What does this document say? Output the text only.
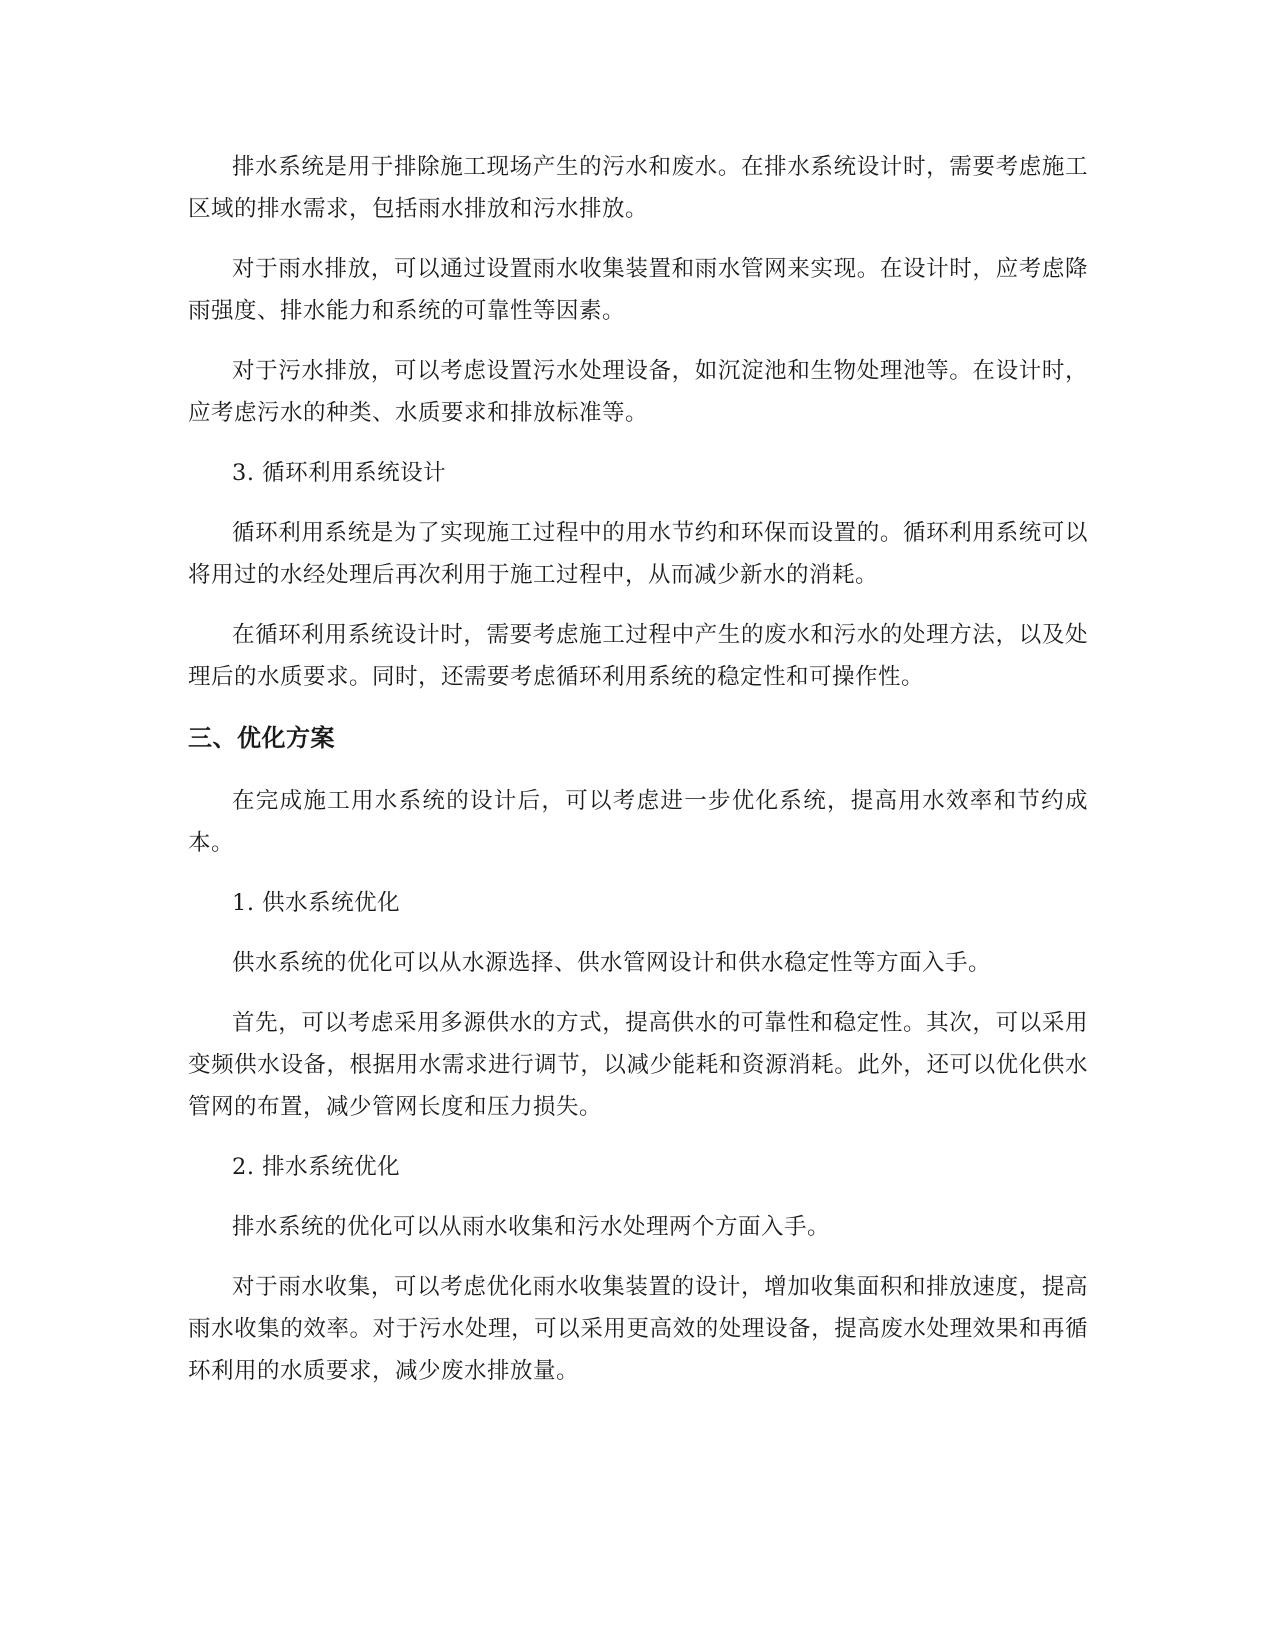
排水系统是用于排除施工现场产生的污水和废水。在排水系统设计时，需要考虑施工区域的排水需求，包括雨水排放和污水排放。

对于雨水排放，可以通过设置雨水收集装置和雨水管网来实现。在设计时，应考虑降雨强度、排水能力和系统的可靠性等因素。

对于污水排放，可以考虑设置污水处理设备，如沉淀池和生物处理池等。在设计时，应考虑污水的种类、水质要求和排放标准等。

3. 循环利用系统设计

循环利用系统是为了实现施工过程中的用水节约和环保而设置的。循环利用系统可以将用过的水经处理后再次利用于施工过程中，从而减少新水的消耗。

在循环利用系统设计时，需要考虑施工过程中产生的废水和污水的处理方法，以及处理后的水质要求。同时，还需要考虑循环利用系统的稳定性和可操作性。

三、优化方案

在完成施工用水系统的设计后，可以考虑进一步优化系统，提高用水效率和节约成本。

1. 供水系统优化

供水系统的优化可以从水源选择、供水管网设计和供水稳定性等方面入手。

首先，可以考虑采用多源供水的方式，提高供水的可靠性和稳定性。其次，可以采用变频供水设备，根据用水需求进行调节，以减少能耗和资源消耗。此外，还可以优化供水管网的布置，减少管网长度和压力损失。

2. 排水系统优化

排水系统的优化可以从雨水收集和污水处理两个方面入手。

对于雨水收集，可以考虑优化雨水收集装置的设计，增加收集面积和排放速度，提高雨水收集的效率。对于污水处理，可以采用更高效的处理设备，提高废水处理效果和再循环利用的水质要求，减少废水排放量。
